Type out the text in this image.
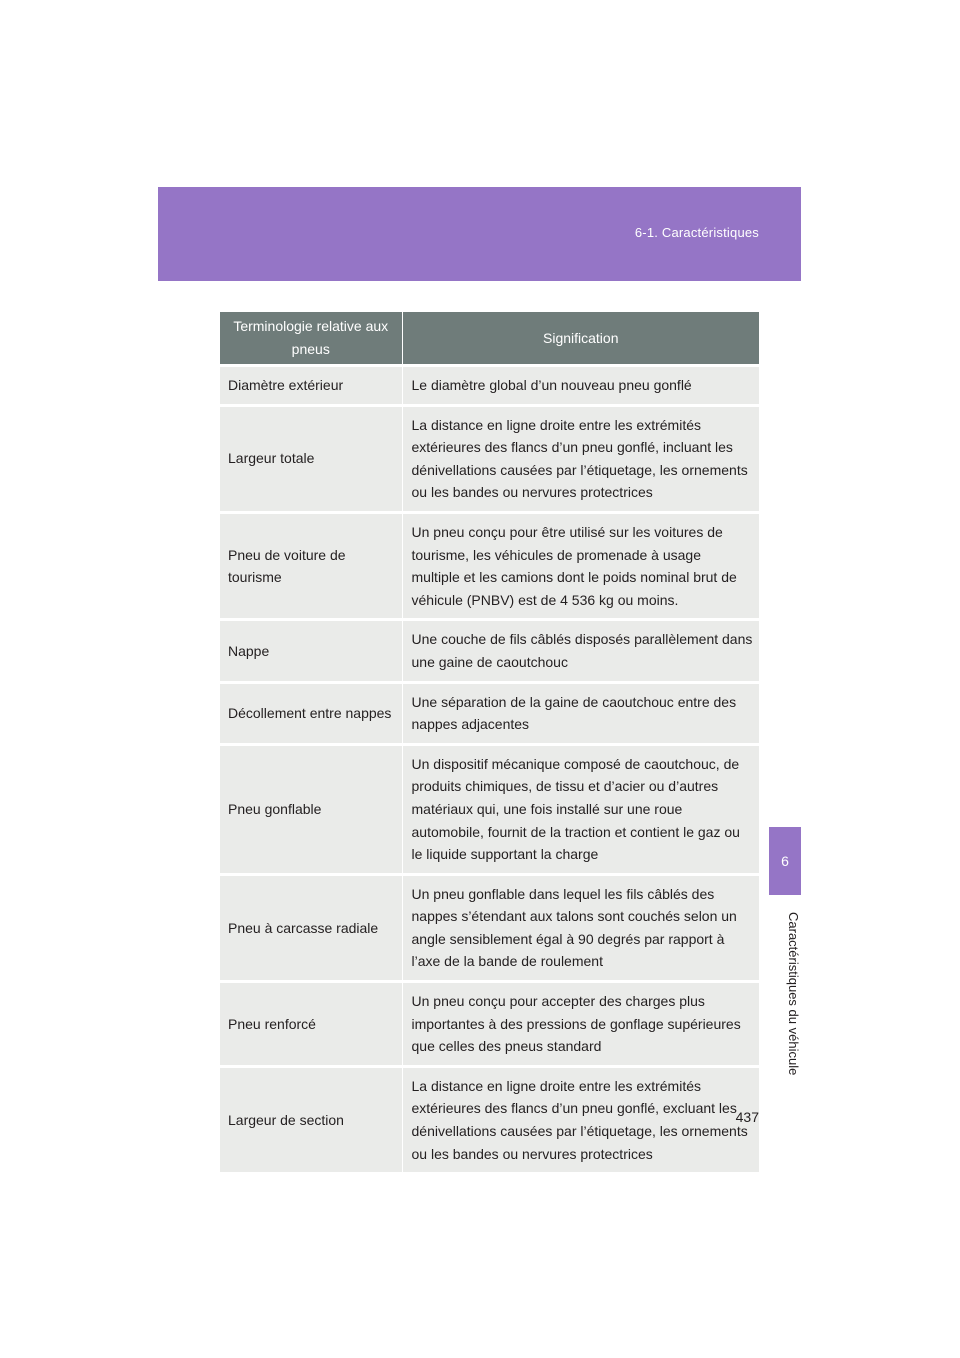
6-1. Caractéristiques
6
Caractéristiques du véhicule
Terminologie relative aux pneus	Signification
Diamètre extérieur	Le diamètre global d’un nouveau pneu gonflé
Largeur totale	La distance en ligne droite entre les extrémités extérieures des flancs d’un pneu gonflé, incluant les dénivellations causées par l’étiquetage, les ornements ou les bandes ou nervures protectrices
Pneu de voiture de tourisme	Un pneu conçu pour être utilisé sur les voitures de tourisme, les véhicules de promenade à usage multiple et les camions dont le poids nominal brut de véhicule (PNBV) est de 4 536 kg ou moins.
Nappe	Une couche de fils câblés disposés parallèlement dans une gaine de caoutchouc
Décollement entre nappes	Une séparation de la gaine de caoutchouc entre des nappes adjacentes
Pneu gonflable	Un dispositif mécanique composé de caoutchouc, de produits chimiques, de tissu et d’acier ou d’autres matériaux qui, une fois installé sur une roue automobile, fournit de la traction et contient le gaz ou le liquide supportant la charge
Pneu à carcasse radiale	Un pneu gonflable dans lequel les fils câblés des nappes s’étendant aux talons sont couchés selon un angle sensiblement égal à 90 degrés par rapport à l’axe de la bande de roulement
Pneu renforcé	Un pneu conçu pour accepter des charges plus importantes à des pressions de gonflage supérieures que celles des pneus standard
Largeur de section	La distance en ligne droite entre les extrémités extérieures des flancs d’un pneu gonflé, excluant les dénivellations causées par l’étiquetage, les ornements ou les bandes ou nervures protectrices
437
